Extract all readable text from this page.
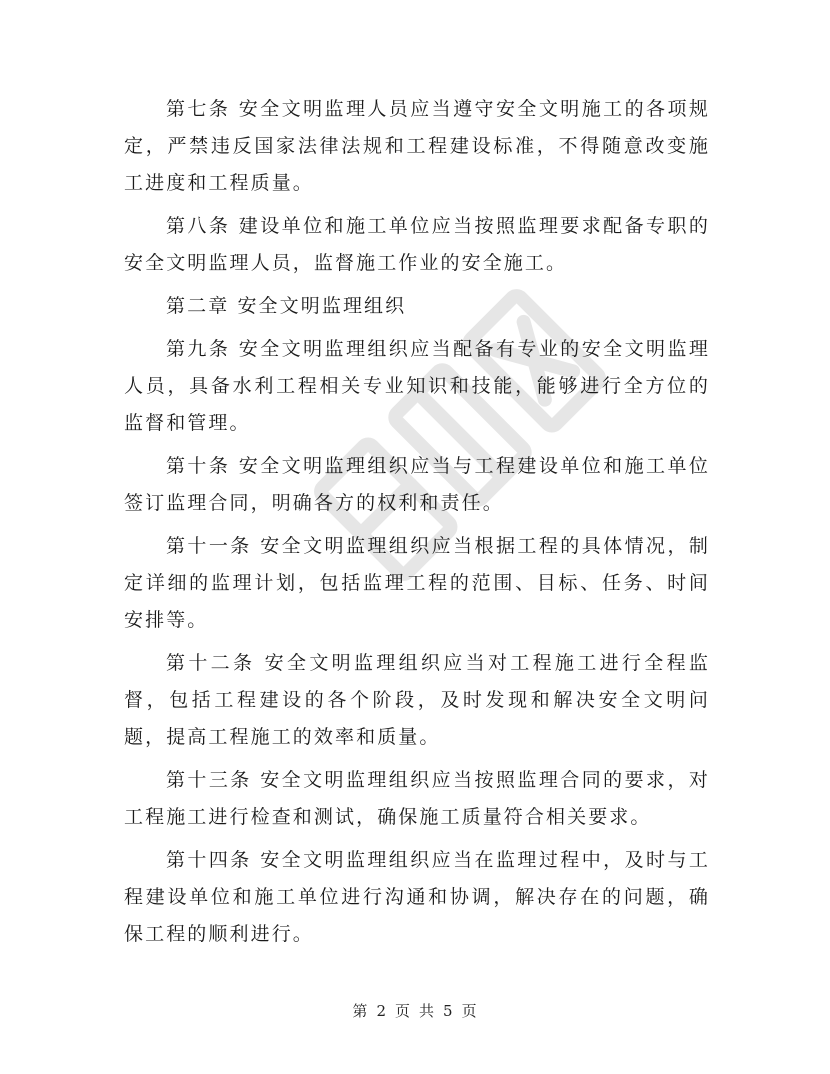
第七条 安全文明监理人员应当遵守安全文明施工的各项规定，严禁违反国家法律法规和工程建设标准，不得随意改变施工进度和工程质量。

第八条 建设单位和施工单位应当按照监理要求配备专职的安全文明监理人员，监督施工作业的安全施工。

第二章 安全文明监理组织

第九条 安全文明监理组织应当配备有专业的安全文明监理人员，具备水利工程相关专业知识和技能，能够进行全方位的监督和管理。

第十条 安全文明监理组织应当与工程建设单位和施工单位签订监理合同，明确各方的权利和责任。

第十一条 安全文明监理组织应当根据工程的具体情况，制定详细的监理计划，包括监理工程的范围、目标、任务、时间安排等。

第十二条 安全文明监理组织应当对工程施工进行全程监督，包括工程建设的各个阶段，及时发现和解决安全文明问题，提高工程施工的效率和质量。

第十三条 安全文明监理组织应当按照监理合同的要求，对工程施工进行检查和测试，确保施工质量符合相关要求。

第十四条 安全文明监理组织应当在监理过程中，及时与工程建设单位和施工单位进行沟通和协调，解决存在的问题，确保工程的顺利进行。

第 2 页 共 5 页
